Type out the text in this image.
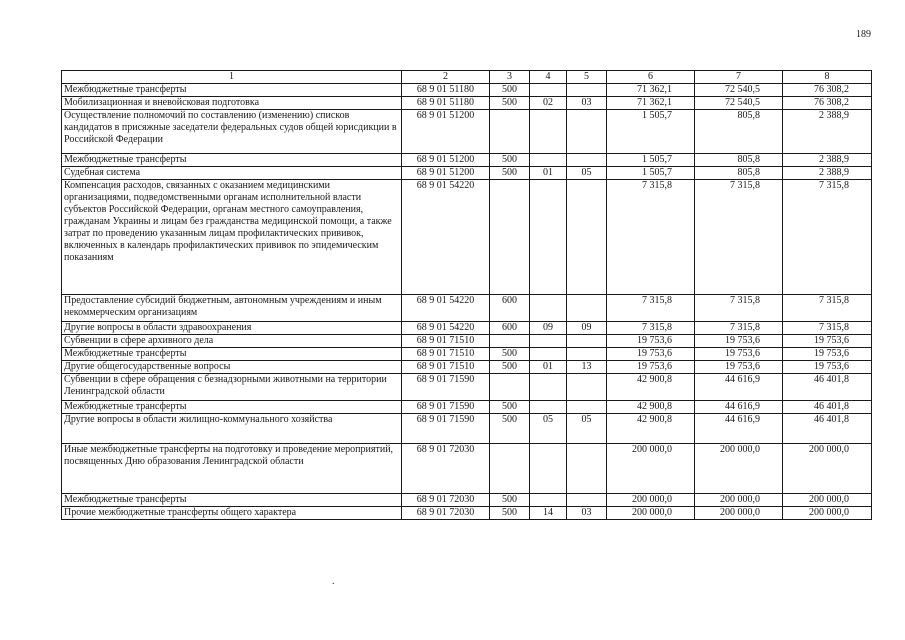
189
1	2	3	4	5	6	7	8
Межбюджетные трансферты	68 9 01 51180	500			71 362,1	72 540,5	76 308,2
Мобилизационная и вневойсковая подготовка	68 9 01 51180	500	02	03	71 362,1	72 540,5	76 308,2
Осуществление полномочий по составлению (изменению) списков кандидатов в присяжные заседатели федеральных судов общей юрисдикции в Российской Федерации	68 9 01 51200				1 505,7	805,8	2 388,9
Межбюджетные трансферты	68 9 01 51200	500			1 505,7	805,8	2 388,9
Судебная система	68 9 01 51200	500	01	05	1 505,7	805,8	2 388,9
Компенсация расходов, связанных с оказанием медицинскими организациями, подведомственными органам исполнительной власти субъектов Российской Федерации, органам местного самоуправления, гражданам Украины и лицам без гражданства медицинской помощи, а также затрат по проведению указанным лицам профилактических прививок, включенных в календарь профилактических прививок по эпидемическим показаниям	68 9 01 54220				7 315,8	7 315,8	7 315,8
Предоставление субсидий бюджетным, автономным учреждениям и иным некоммерческим организациям	68 9 01 54220	600			7 315,8	7 315,8	7 315,8
Другие вопросы в области здравоохранения	68 9 01 54220	600	09	09	7 315,8	7 315,8	7 315,8
Субвенции в сфере архивного дела	68 9 01 71510				19 753,6	19 753,6	19 753,6
Межбюджетные трансферты	68 9 01 71510	500			19 753,6	19 753,6	19 753,6
Другие общегосударственные вопросы	68 9 01 71510	500	01	13	19 753,6	19 753,6	19 753,6
Субвенции в сфере обращения с безнадзорными животными на территории Ленинградской области	68 9 01 71590				42 900,8	44 616,9	46 401,8
Межбюджетные трансферты	68 9 01 71590	500			42 900,8	44 616,9	46 401,8
Другие вопросы в области жилищно-коммунального хозяйства	68 9 01 71590	500	05	05	42 900,8	44 616,9	46 401,8
Иные межбюджетные трансферты на подготовку и проведение мероприятий, посвященных Дню образования Ленинградской области	68 9 01 72030				200 000,0	200 000,0	200 000,0
Межбюджетные трансферты	68 9 01 72030	500			200 000,0	200 000,0	200 000,0
Прочие межбюджетные трансферты общего характера	68 9 01 72030	500	14	03	200 000,0	200 000,0	200 000,0
.
